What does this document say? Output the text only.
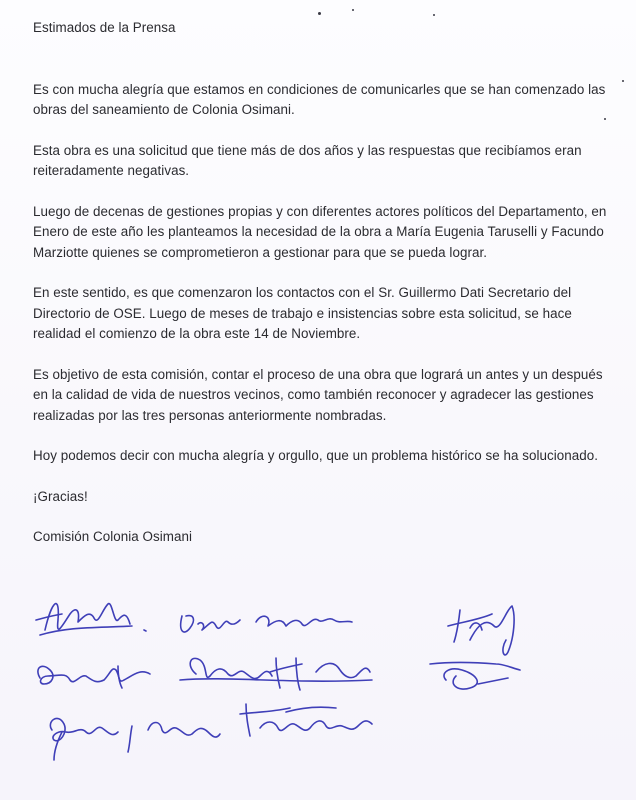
Estimados de la Prensa

Es con mucha alegría que estamos en condiciones de comunicarles que se han comenzado las

obras del saneamiento de Colonia Osimani.

Esta obra es una solicitud que tiene más de dos años y las respuestas que recibíamos eran

reiteradamente negativas.

Luego de decenas de gestiones propias y con diferentes actores políticos del Departamento, en

Enero de este año les planteamos la necesidad de la obra a María Eugenia Taruselli y Facundo

Marziotte quienes se comprometieron a gestionar para que se pueda lograr.

En este sentido, es que comenzaron los contactos con el Sr. Guillermo Dati Secretario del

Directorio de OSE. Luego de meses de trabajo e insistencias sobre esta solicitud, se hace

realidad el comienzo de la obra este 14 de Noviembre.

Es objetivo de esta comisión, contar el proceso de una obra que logrará un antes y un después

en la calidad de vida de nuestros vecinos, como también reconocer y agradecer las gestiones

realizadas por las tres personas anteriormente nombradas.

Hoy podemos decir con mucha alegría y orgullo, que un problema histórico se ha solucionado.

¡Gracias!

Comisión Colonia Osimani
